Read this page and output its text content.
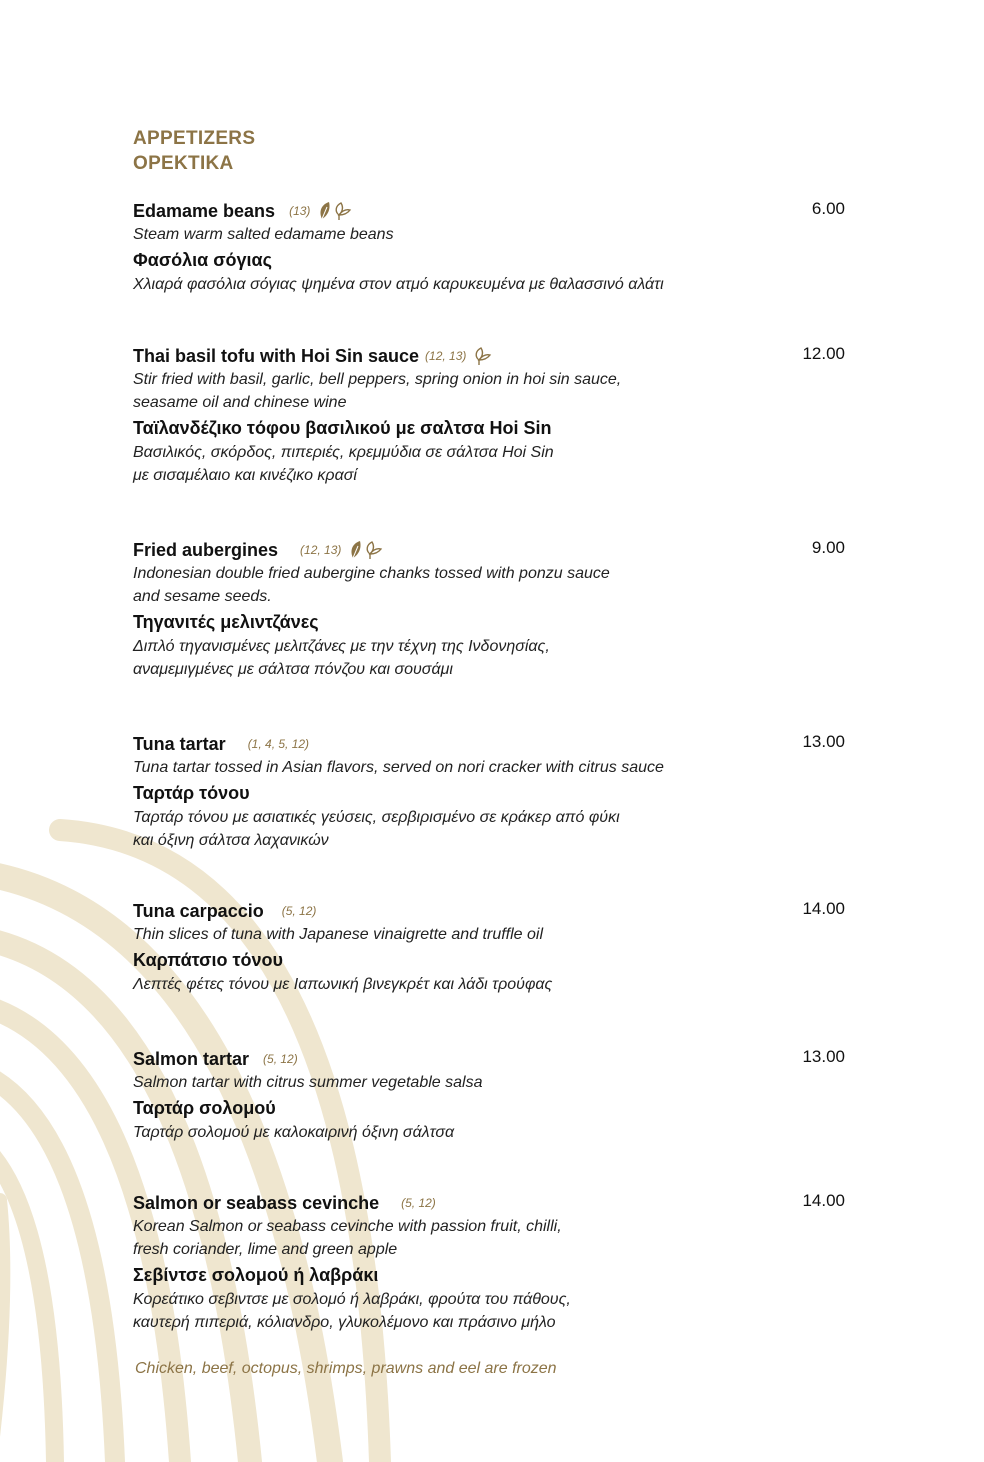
APPETIZERS
ΟΡΕΚΤΙΚΑ
Edamame beans (13)	6.00
Steam warm salted edamame beans
Φασόλια σόγιας
Χλιαρά φασόλια σόγιας ψημένα στον ατμό καρυκευμένα με θαλασσινό αλάτι
Thai basil tofu with Hoi Sin sauce (12, 13)	12.00
Stir fried with basil, garlic, bell peppers, spring onion in hoi sin sauce,
seasame oil and chinese wine
Ταϊλανδέζικο τόφου βασιλικού με σαλτσα Hoi Sin
Βασιλικός, σκόρδος, πιπεριές, κρεμμύδια σε σάλτσα Hoi Sin
με σισαμέλαιο και κινέζικο κρασί
Fried aubergines (12, 13)	9.00
Indonesian double fried aubergine chanks tossed with ponzu sauce
and sesame seeds.
Τηγανιτές μελιντζάνες
Διπλό τηγανισμένες μελιτζάνες με την τέχνη της Ινδονησίας,
αναμεμιγμένες με σάλτσα πόνζου και σουσάμι
Tuna tartar (1, 4, 5, 12)	13.00
Tuna tartar tossed in Asian flavors, served on nori cracker with citrus sauce
Ταρτάρ τόνου
Ταρτάρ τόνου με ασιατικές γεύσεις, σερβιρισμένο σε κράκερ από φύκι
και όξινη σάλτσα λαχανικών
Tuna carpaccio (5, 12)	14.00
Thin slices of tuna with Japanese vinaigrette and truffle oil
Καρπάτσιο τόνου
Λεπτές φέτες τόνου με Ιαπωνική βινεγκρέτ και λάδι τρούφας
Salmon tartar (5, 12)	13.00
Salmon tartar with citrus summer vegetable salsa
Ταρτάρ σολομού
Ταρτάρ σολομού με καλοκαιρινή όξινη σάλτσα
Salmon or seabass cevinche (5, 12)	14.00
Korean Salmon or seabass cevinche with passion fruit, chilli,
fresh coriander, lime and green apple
Σεβίντσε σολομού ή λαβράκι
Κορεάτικο σεβιντσε με σολομό ή λαβράκι, φρούτα του πάθους,
καυτερή πιπεριά, κόλιανδρο, γλυκολέμονο και πράσινο μήλο
Chicken, beef, octopus, shrimps, prawns and eel are frozen
